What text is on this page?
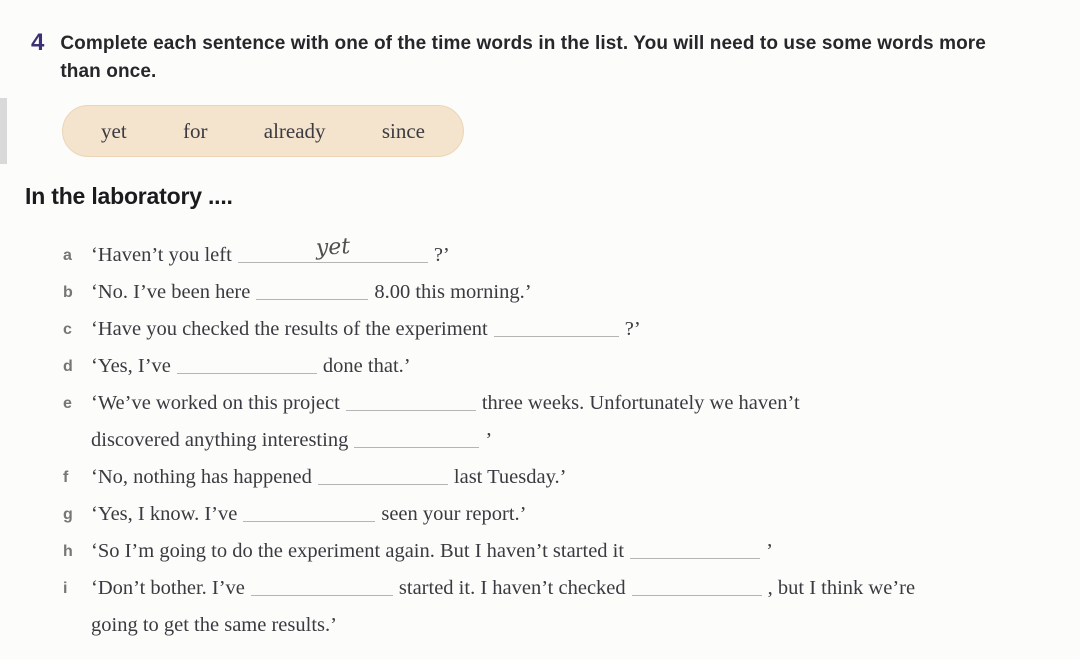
4 Complete each sentence with one of the time words in the list. You will need to use some words more than once.

yet	for	already	since
In the laboratory ....
a ‘Haven’t you left	yet	?’
b ‘No. I’ve been here	8.00 this morning.’
c ‘Have you checked the results of the experiment	?’
d ‘Yes, I’ve	done that.’
e ‘We’ve worked on this project	three weeks. Unfortunately we haven’t
discovered anything interesting	’
f	‘No, nothing has happened	last Tuesday.’
g ‘Yes, I know. I’ve	seen your report.’
h ‘So I’m going to do the experiment again. But I haven’t started it	’
i	‘Don’t bother. I’ve	started it. I haven’t checked	, but I think we’re
going to get the same results.’
